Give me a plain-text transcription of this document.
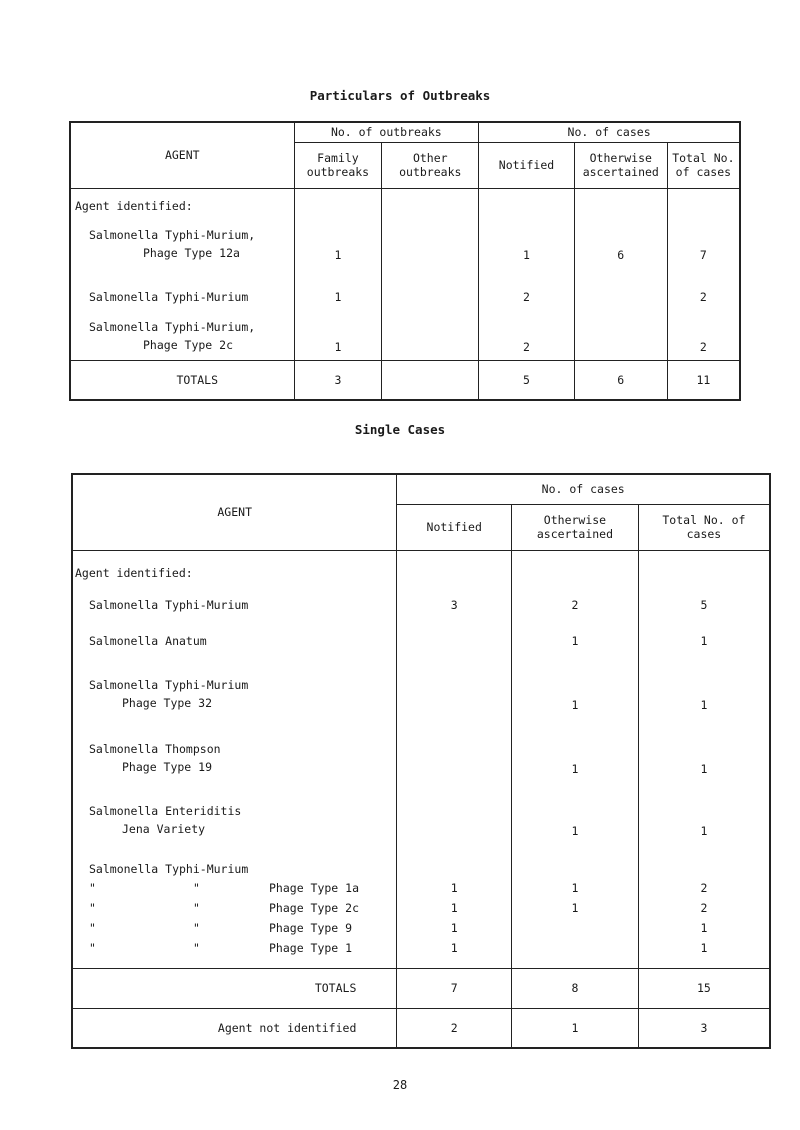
Particulars of Outbreaks
AGENT	No. of outbreaks		No. of cases		
	Family outbreaks	Other outbreaks	Notified	Otherwise ascertained	Total No. of cases
Agent identified:					

Salmonella Typhi-Murium,
Phage Type 12a	1		1	6	7
Salmonella Typhi-Murium	1		2		2

Salmonella Typhi-Murium,
Phage Type 2c	1		2		2
TOTALS	3		5	6	11
Single Cases
AGENT	No. of cases		
	Notified	Otherwise ascertained	Total No. of cases
Agent identified:			
Salmonella Typhi-Murium	3	2	5
Salmonella Anatum		1	1

Salmonella Typhi-Murium
Phage Type 32		1	1

Salmonella Thompson
Phage Type 19		1	1

Salmonella Enteriditis
Jena Variety		1	1
Salmonella Typhi-Murium			

" " Phage Type 1a	1	1	2

" " Phage Type 2c	1	1	2

" " Phage Type 9	1		1

" " Phage Type 1	1		1
TOTALS	7	8	15
Agent not identified	2	1	3
28
